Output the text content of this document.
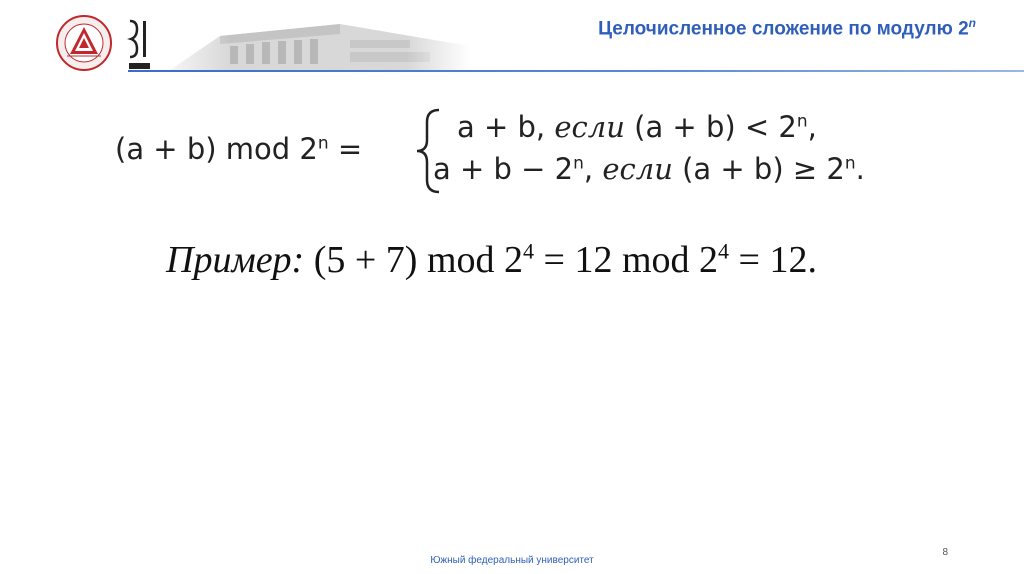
Целочисленное сложение по модулю 2$^n$
(a + b) mod $2^n$ =
a + b, если $(a + b) < 2^n$,
$a + b - 2^n$, если $(a + b) \ge 2^n$.
Пример: (5 + 7) mod $2^4 = 12$ mod $2^4 = 12$.
8
Южный федеральный университет
